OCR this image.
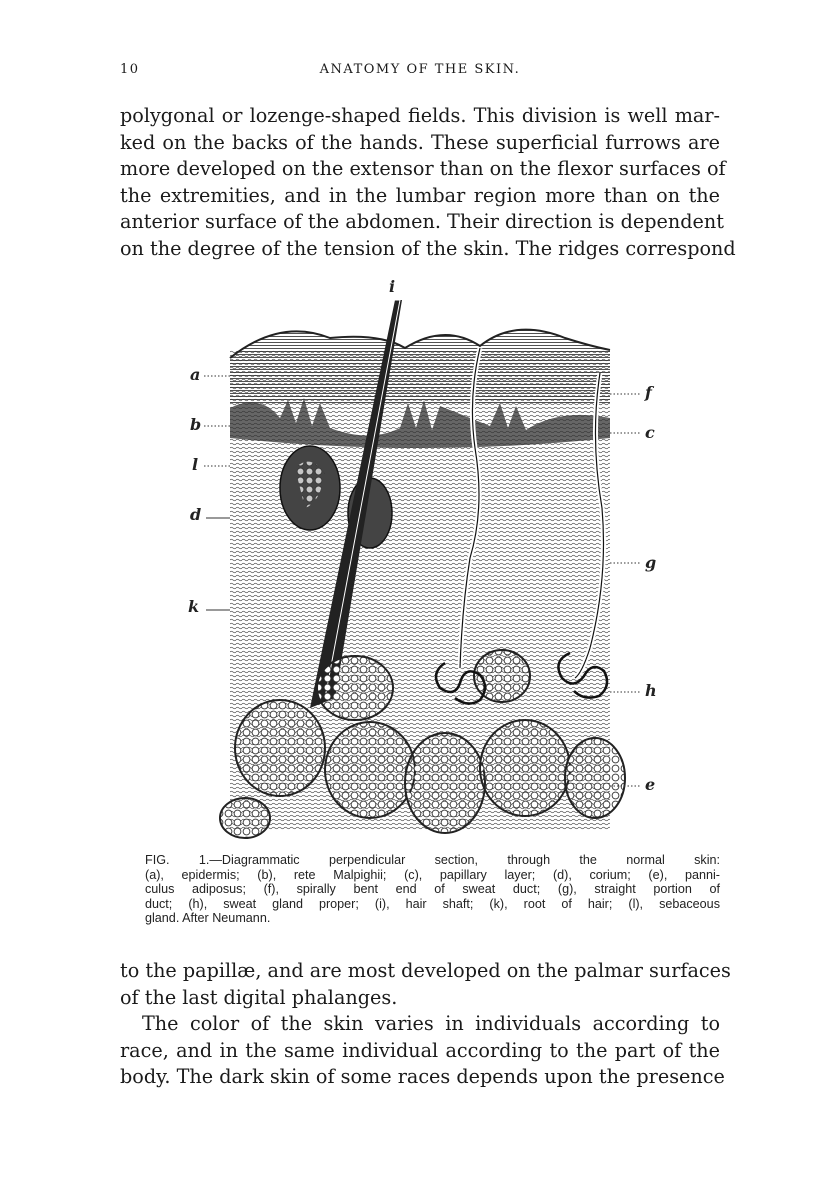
10	ANATOMY OF THE SKIN.

polygonal or lozenge-shaped fields. This division is well mar-
ked on the backs of the hands. These superficial furrows are
more developed on the extensor than on the flexor surfaces of
the extremities, and in the lumbar region more than on the
anterior surface of the abdomen. Their direction is dependent
on the degree of the tension of the skin. The ridges correspond

i
a
b
l
d
k
f
c
g
h
e

FIG. 1.—Diagrammatic perpendicular section, through the normal skin:
(a), epidermis; (b), rete Malpighii; (c), papillary layer; (d), corium; (e), panni-
culus adiposus; (f), spirally bent end of sweat duct; (g), straight portion of
duct; (h), sweat gland proper; (i), hair shaft; (k), root of hair; (l), sebaceous
gland. After Neumann.

to the papillæ, and are most developed on the palmar surfaces
of the last digital phalanges.

The color of the skin varies in individuals according to
race, and in the same individual according to the part of the
body. The dark skin of some races depends upon the presence
